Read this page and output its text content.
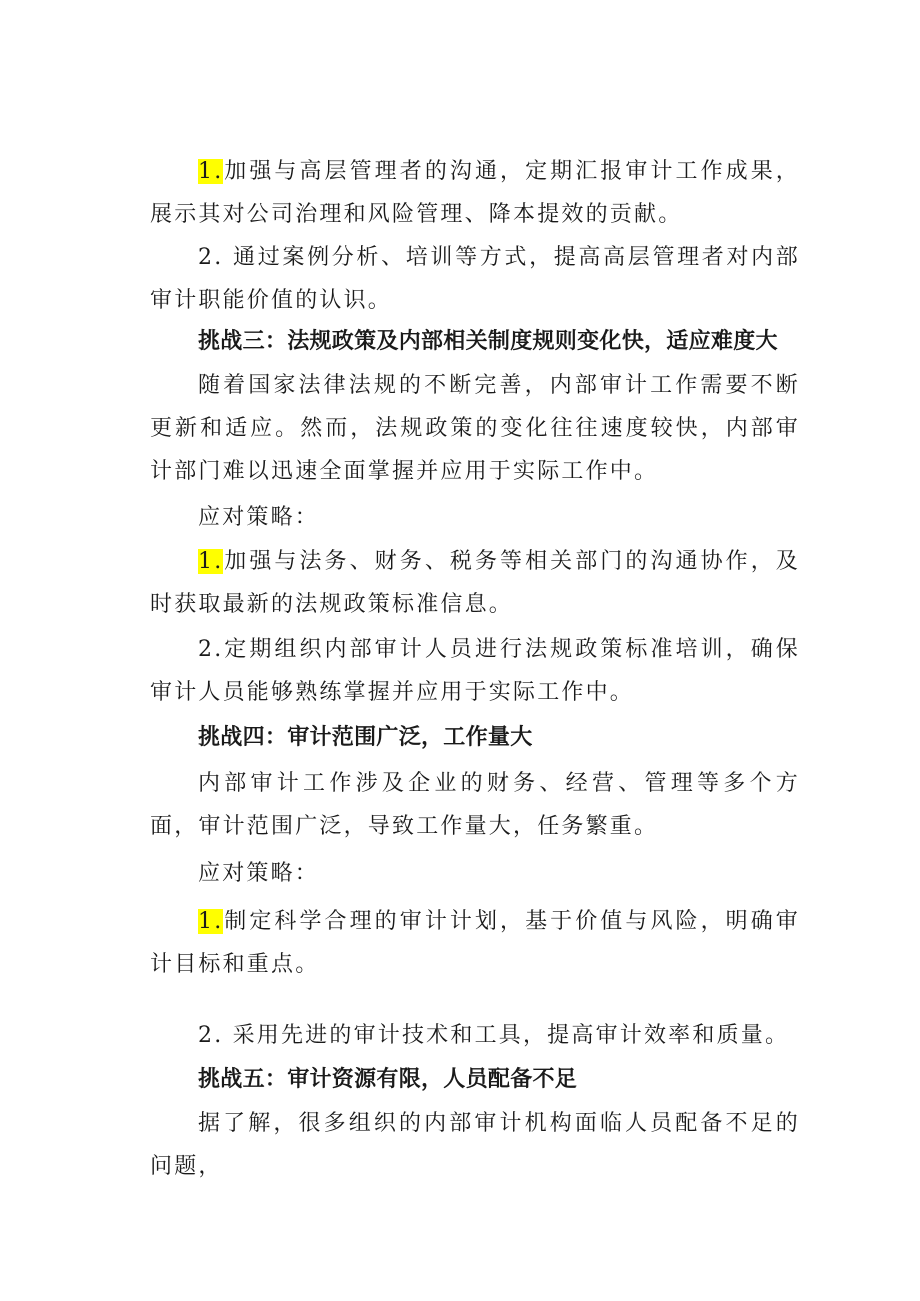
1.加强与高层管理者的沟通，定期汇报审计工作成果，展示其对公司治理和风险管理、降本提效的贡献。

2. 通过案例分析、培训等方式，提高高层管理者对内部审计职能价值的认识。

挑战三：法规政策及内部相关制度规则变化快，适应难度大

随着国家法律法规的不断完善，内部审计工作需要不断更新和适应。然而，法规政策的变化往往速度较快，内部审计部门难以迅速全面掌握并应用于实际工作中。

应对策略：

1.加强与法务、财务、税务等相关部门的沟通协作，及时获取最新的法规政策标准信息。

2.定期组织内部审计人员进行法规政策标准培训，确保审计人员能够熟练掌握并应用于实际工作中。

挑战四：审计范围广泛，工作量大

内部审计工作涉及企业的财务、经营、管理等多个方面，审计范围广泛，导致工作量大，任务繁重。

应对策略：

1.制定科学合理的审计计划，基于价值与风险，明确审计目标和重点。

2. 采用先进的审计技术和工具，提高审计效率和质量。

挑战五：审计资源有限，人员配备不足

据了解，很多组织的内部审计机构面临人员配备不足的问题，
